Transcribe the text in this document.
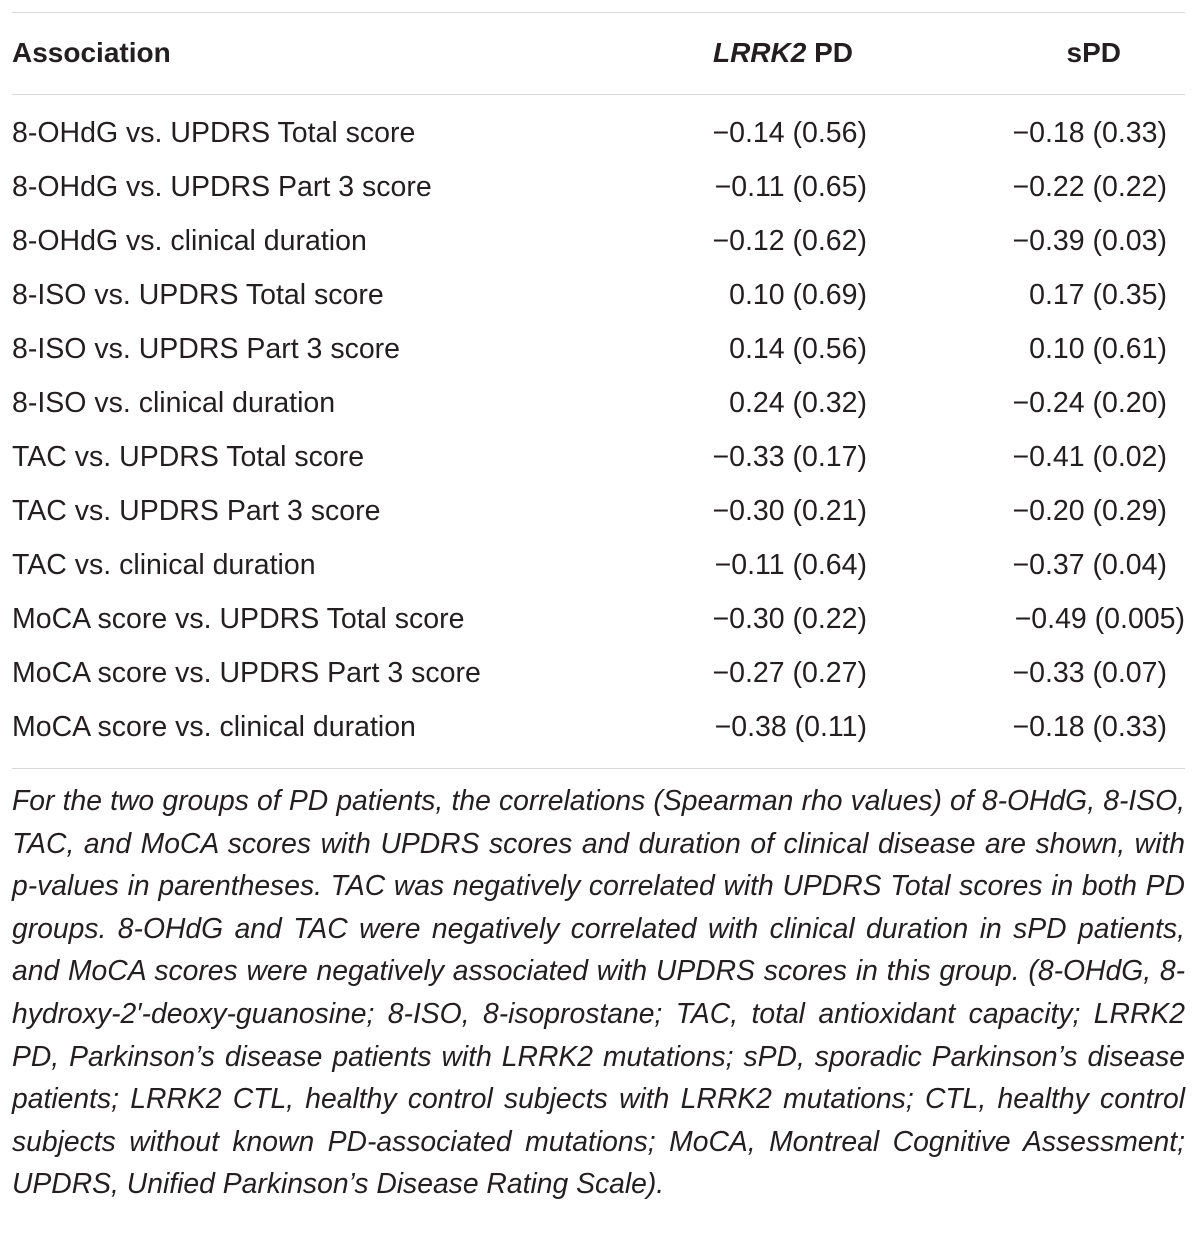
Association	LRRK2 PD	sPD
8-OHdG vs. UPDRS Total score	−0.14 (0.56)	−0.18 (0.33)
8-OHdG vs. UPDRS Part 3 score	−0.11 (0.65)	−0.22 (0.22)
8-OHdG vs. clinical duration	−0.12 (0.62)	−0.39 (0.03)
8-ISO vs. UPDRS Total score	0.10 (0.69)	0.17 (0.35)
8-ISO vs. UPDRS Part 3 score	0.14 (0.56)	0.10 (0.61)
8-ISO vs. clinical duration	0.24 (0.32)	−0.24 (0.20)
TAC vs. UPDRS Total score	−0.33 (0.17)	−0.41 (0.02)
TAC vs. UPDRS Part 3 score	−0.30 (0.21)	−0.20 (0.29)
TAC vs. clinical duration	−0.11 (0.64)	−0.37 (0.04)
MoCA score vs. UPDRS Total score	−0.30 (0.22)	−0.49 (0.005)
MoCA score vs. UPDRS Part 3 score	−0.27 (0.27)	−0.33 (0.07)
MoCA score vs. clinical duration	−0.38 (0.11)	−0.18 (0.33)

For the two groups of PD patients, the correlations (Spearman rho values) of 8-OHdG, 8-ISO, TAC, and MoCA scores with UPDRS scores and duration of clinical disease are shown, with p-values in parentheses. TAC was negatively correlated with UPDRS Total scores in both PD groups. 8-OHdG and TAC were negatively correlated with clinical duration in sPD patients, and MoCA scores were negatively associated with UPDRS scores in this group. (8-OHdG, 8-hydroxy-2′-deoxy-guanosine; 8-ISO, 8-isoprostane; TAC, total antioxidant capacity; LRRK2 PD, Parkinson’s disease patients with LRRK2 mutations; sPD, sporadic Parkinson’s disease patients; LRRK2 CTL, healthy control subjects with LRRK2 mutations; CTL, healthy control subjects without known PD-associated mutations; MoCA, Montreal Cognitive Assessment; UPDRS, Unified Parkinson’s Disease Rating Scale).
